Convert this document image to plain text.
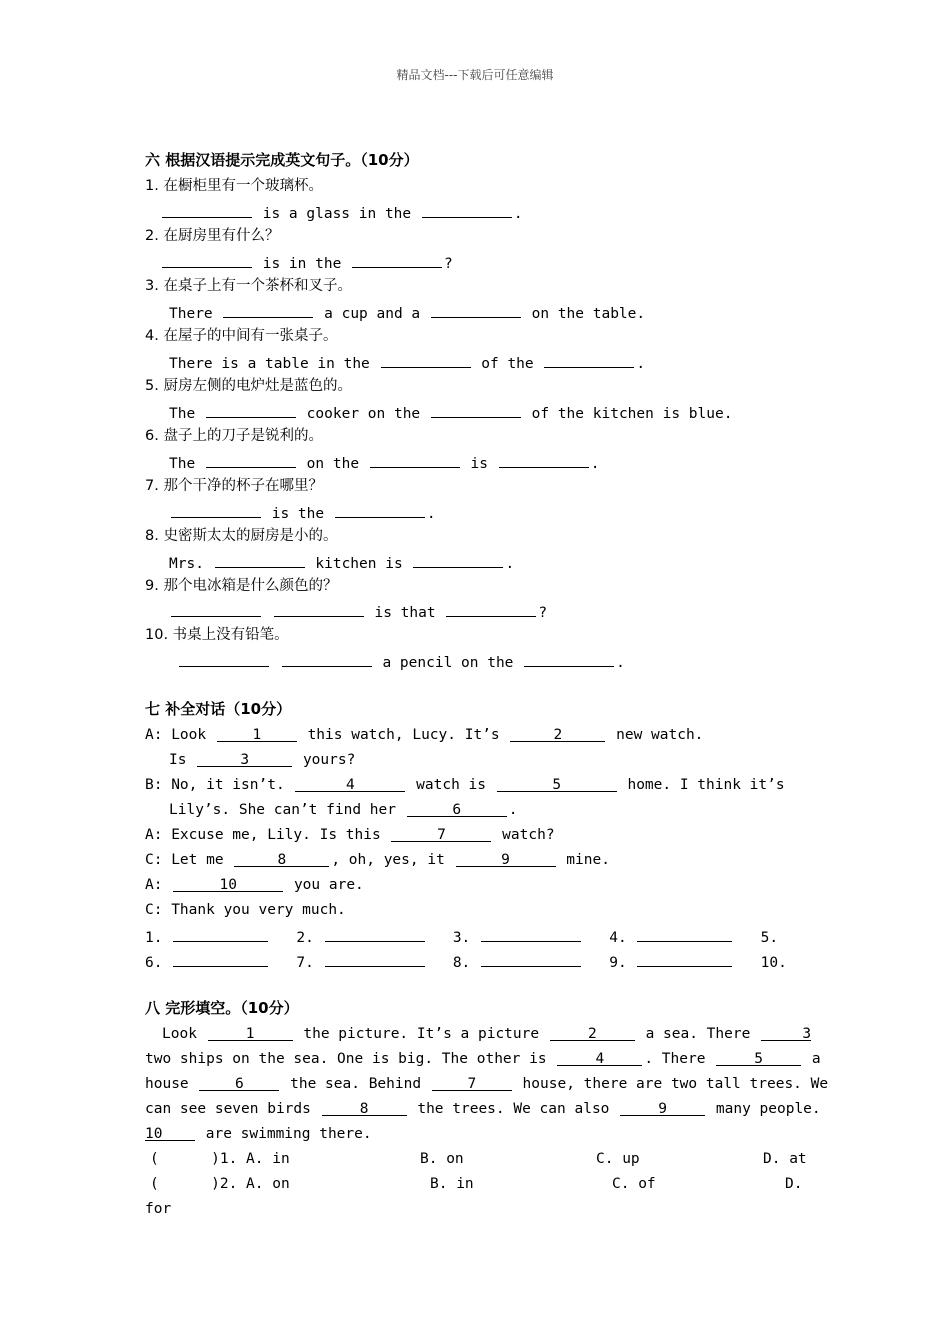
精品文档---下载后可任意编辑
六 根据汉语提示完成英文句子。（10分）
1. 在橱柜里有一个玻璃杯。
is a glass in the	.
2. 在厨房里有什么？
is in the	?
3. 在桌子上有一个茶杯和叉子。
There	a cup and a	on the table.
4. 在屋子的中间有一张桌子。
There is a table in the	of the	.
5. 厨房左侧的电炉灶是蓝色的。
The	cooker on the	of the kitchen is blue.
6. 盘子上的刀子是锐利的。
The	on the	is	.
7. 那个干净的杯子在哪里？
is the	.
8. 史密斯太太的厨房是小的。
Mrs.	kitchen is	.
9. 那个电冰箱是什么颜色的？
is that	?
10. 书桌上没有铅笔。
a pencil on the	.
七 补全对话（10分）
A: Look	1	this watch, Lucy. It’s	2	new watch.
Is	3	yours?
B: No, it isn’t.	4	watch is	5	home. I think it’s
Lily’s. She can’t find her	6	.
A: Excuse me, Lily. Is this	7	watch?
C: Let me	8	, oh, yes, it	9	mine.
A:	10	you are.
C: Thank you very much.
1.	2.	3.	4.	5.
6.	7.	8.	9.	10.
八 完形填空。（10分）
Look	1	the picture. It’s a picture	2	a sea. There	3
two ships on the sea. One is big. The other is	4	. There	5	a
house	6	the sea. Behind	7	house, there are two tall trees. We
can see seven birds	8	the trees. We can also	9	many people.
10	are swimming there.
(      )1. A. in	B. on	C. up	D. at
(      )2. A. on	B. in	C. of	D.
for
